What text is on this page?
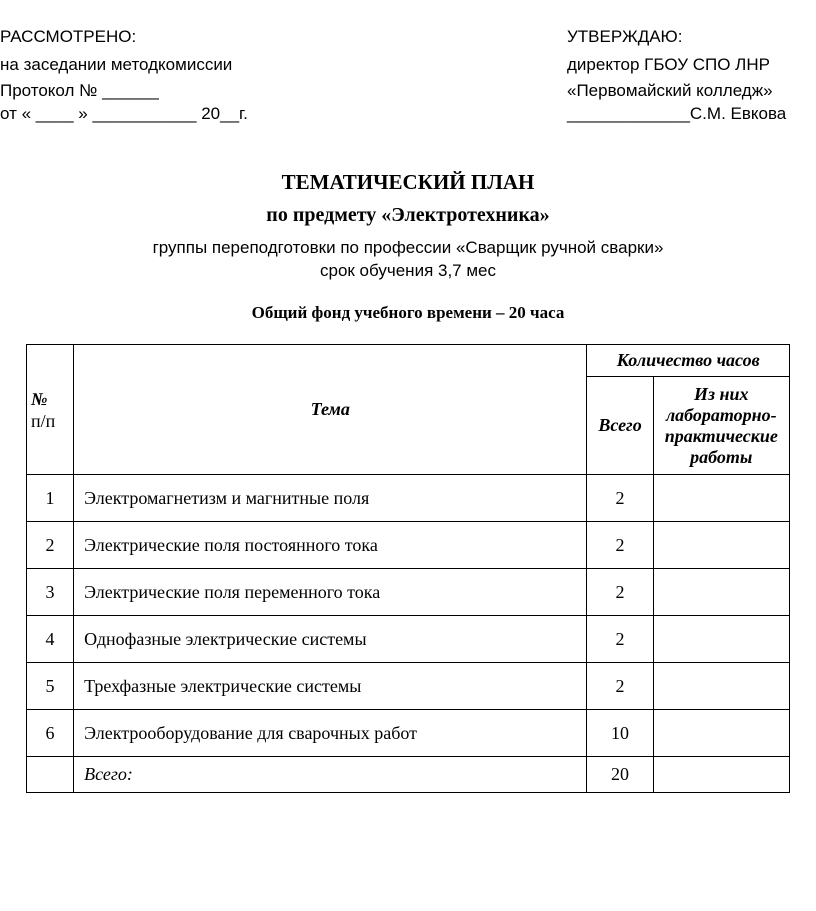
РАССМОТРЕНО:
на заседании методкомиссии
Протокол № ______
от « ____ » ___________ 20__г.
УТВЕРЖДАЮ:
директор ГБОУ СПО ЛНР
«Первомайский колледж»
_____________С.М. Евкова
ТЕМАТИЧЕСКИЙ ПЛАН
по предмету «Электротехника»
группы переподготовки по профессии «Сварщик ручной сварки»
срок обучения 3,7 мес
Общий фонд учебного времени – 20 часа
№
п/п	Тема	Количество часов	
		Всего	Из них
лабораторно-
практические
работы
1	Электромагнетизм и магнитные поля	2	
2	Электрические поля постоянного тока	2	
3	Электрические поля переменного тока	2	
4	Однофазные электрические системы	2	
5	Трехфазные электрические системы	2	
6	Электрооборудование для сварочных работ	10	
	Всего:	20	
